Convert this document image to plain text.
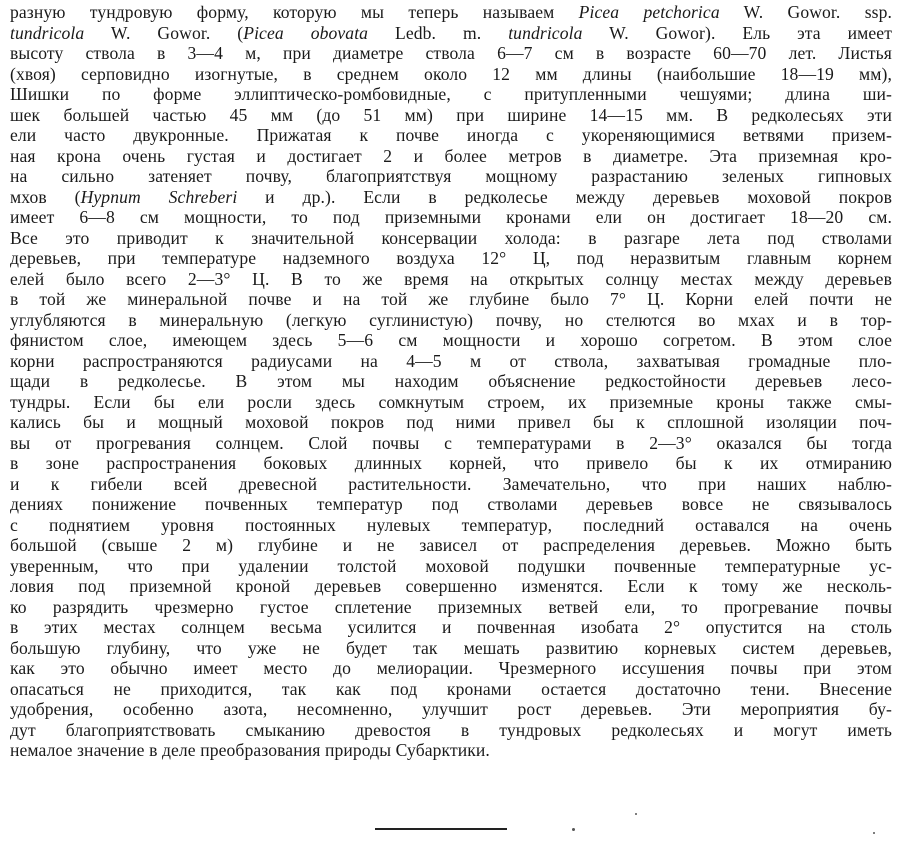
разную тундровую форму, которую мы теперь называем Picea petchorica W. Gowor. ssp.
tundricola W. Gowor. (Picea obovata Ledb. m. tundricola W. Gowor). Ель эта имеет
высоту ствола в 3—4 м, при диаметре ствола 6—7 см в возрасте 60—70 лет. Листья
(хвоя) серповидно изогнутые, в среднем около 12 мм длины (наибольшие 18—19 мм),
Шишки по форме эллиптическо-ромбовидные, с притупленными чешуями; длина ши-
шек большей частью 45 мм (до 51 мм) при ширине 14—15 мм. В редколесьях эти
ели часто двукронные. Прижатая к почве иногда с укореняющимися ветвями призем-
ная крона очень густая и достигает 2 и более метров в диаметре. Эта приземная кро-
на сильно затеняет почву, благоприятствуя мощному разрастанию зеленых гипновых
мхов (Hypnum Schreberi и др.). Если в редколесье между деревьев моховой покров
имеет 6—8 см мощности, то под приземными кронами ели он достигает 18—20 см.
Все это приводит к значительной консервации холода: в разгаре лета под стволами
деревьев, при температуре надземного воздуха 12° Ц, под неразвитым главным корнем
елей было всего 2—3° Ц. В то же время на открытых солнцу местах между деревьев
в той же минеральной почве и на той же глубине было 7° Ц. Корни елей почти не
углубляются в минеральную (легкую суглинистую) почву, но стелются во мхах и в тор-
фянистом слое, имеющем здесь 5—6 см мощности и хорошо согретом. В этом слое
корни распространяются радиусами на 4—5 м от ствола, захватывая громадные пло-
щади в редколесье. В этом мы находим объяснение редкостойности деревьев лесо-
тундры. Если бы ели росли здесь сомкнутым строем, их приземные кроны также смы-
кались бы и мощный моховой покров под ними привел бы к сплошной изоляции поч-
вы от прогревания солнцем. Слой почвы с температурами в 2—3° оказался бы тогда
в зоне распространения боковых длинных корней, что привело бы к их отмиранию
и к гибели всей древесной растительности. Замечательно, что при наших наблю-
дениях понижение почвенных температур под стволами деревьев вовсе не связывалось
с поднятием уровня постоянных нулевых температур, последний оставался на очень
большой (свыше 2 м) глубине и не зависел от распределения деревьев. Можно быть
уверенным, что при удалении толстой моховой подушки почвенные температурные ус-
ловия под приземной кроной деревьев совершенно изменятся. Если к тому же несколь-
ко разрядить чрезмерно густое сплетение приземных ветвей ели, то прогревание почвы
в этих местах солнцем весьма усилится и почвенная изобата 2° опустится на столь
большую глубину, что уже не будет так мешать развитию корневых систем деревьев,
как это обычно имеет место до мелиорации. Чрезмерного иссушения почвы при этом
опасаться не приходится, так как под кронами остается достаточно тени. Внесение
удобрения, особенно азота, несомненно, улучшит рост деревьев. Эти мероприятия бу-
дут благоприятствовать смыканию древостоя в тундровых редколесьях и могут иметь
немалое значение в деле преобразования природы Субарктики.
